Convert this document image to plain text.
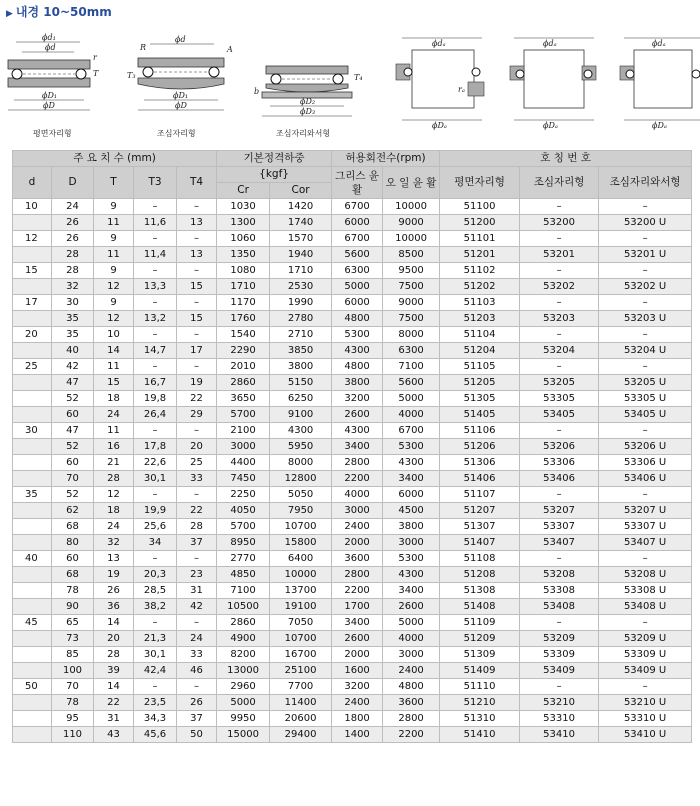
▶ 내경 10~50mm
ϕd₁
ϕd
ϕD₁
ϕD
r
T
평면자리형
ϕd
R	A
T₃
ϕD₁
ϕD
조심자리형
T₄
b
ϕD₂
ϕD₃
조심자리와서형
ϕdₐ
ϕDₐ
rₐ
ϕdₐ
ϕDₐ
ϕdₐ
ϕDₐ
주 요 치 수 (mm)					기본정격하중		허용회전수(rpm)		호 칭 번 호		
d	D	T	T3	T4	{kgf}		그리스 윤 활	오 일 윤 활	평면자리형	조심자리형	조심자리와서형
					Cr	Cor					
10	24	9	–	–	1030	1420	6700	10000	51100	–	–
	26	11	11,6	13	1300	1740	6000	9000	51200	53200	53200 U
12	26	9	–	–	1060	1570	6700	10000	51101	–	–
	28	11	11,4	13	1350	1940	5600	8500	51201	53201	53201 U
15	28	9	–	–	1080	1710	6300	9500	51102	–	–
	32	12	13,3	15	1710	2530	5000	7500	51202	53202	53202 U
17	30	9	–	–	1170	1990	6000	9000	51103	–	–
	35	12	13,2	15	1760	2780	4800	7500	51203	53203	53203 U
20	35	10	–	–	1540	2710	5300	8000	51104	–	–
	40	14	14,7	17	2290	3850	4300	6300	51204	53204	53204 U
25	42	11	–	–	2010	3800	4800	7100	51105	–	–
	47	15	16,7	19	2860	5150	3800	5600	51205	53205	53205 U
	52	18	19,8	22	3650	6250	3200	5000	51305	53305	53305 U
	60	24	26,4	29	5700	9100	2600	4000	51405	53405	53405 U
30	47	11	–	–	2100	4300	4300	6700	51106	–	–
	52	16	17,8	20	3000	5950	3400	5300	51206	53206	53206 U
	60	21	22,6	25	4400	8000	2800	4300	51306	53306	53306 U
	70	28	30,1	33	7450	12800	2200	3400	51406	53406	53406 U
35	52	12	–	–	2250	5050	4000	6000	51107	–	–
	62	18	19,9	22	4050	7950	3000	4500	51207	53207	53207 U
	68	24	25,6	28	5700	10700	2400	3800	51307	53307	53307 U
	80	32	34	37	8950	15800	2000	3000	51407	53407	53407 U
40	60	13	–	–	2770	6400	3600	5300	51108	–	–
	68	19	20,3	23	4850	10000	2800	4300	51208	53208	53208 U
	78	26	28,5	31	7100	13700	2200	3400	51308	53308	53308 U
	90	36	38,2	42	10500	19100	1700	2600	51408	53408	53408 U
45	65	14	–	–	2860	7050	3400	5000	51109	–	–
	73	20	21,3	24	4900	10700	2600	4000	51209	53209	53209 U
	85	28	30,1	33	8200	16700	2000	3000	51309	53309	53309 U
	100	39	42,4	46	13000	25100	1600	2400	51409	53409	53409 U
50	70	14	–	–	2960	7700	3200	4800	51110	–	–
	78	22	23,5	26	5000	11400	2400	3600	51210	53210	53210 U
	95	31	34,3	37	9950	20600	1800	2800	51310	53310	53310 U
	110	43	45,6	50	15000	29400	1400	2200	51410	53410	53410 U
